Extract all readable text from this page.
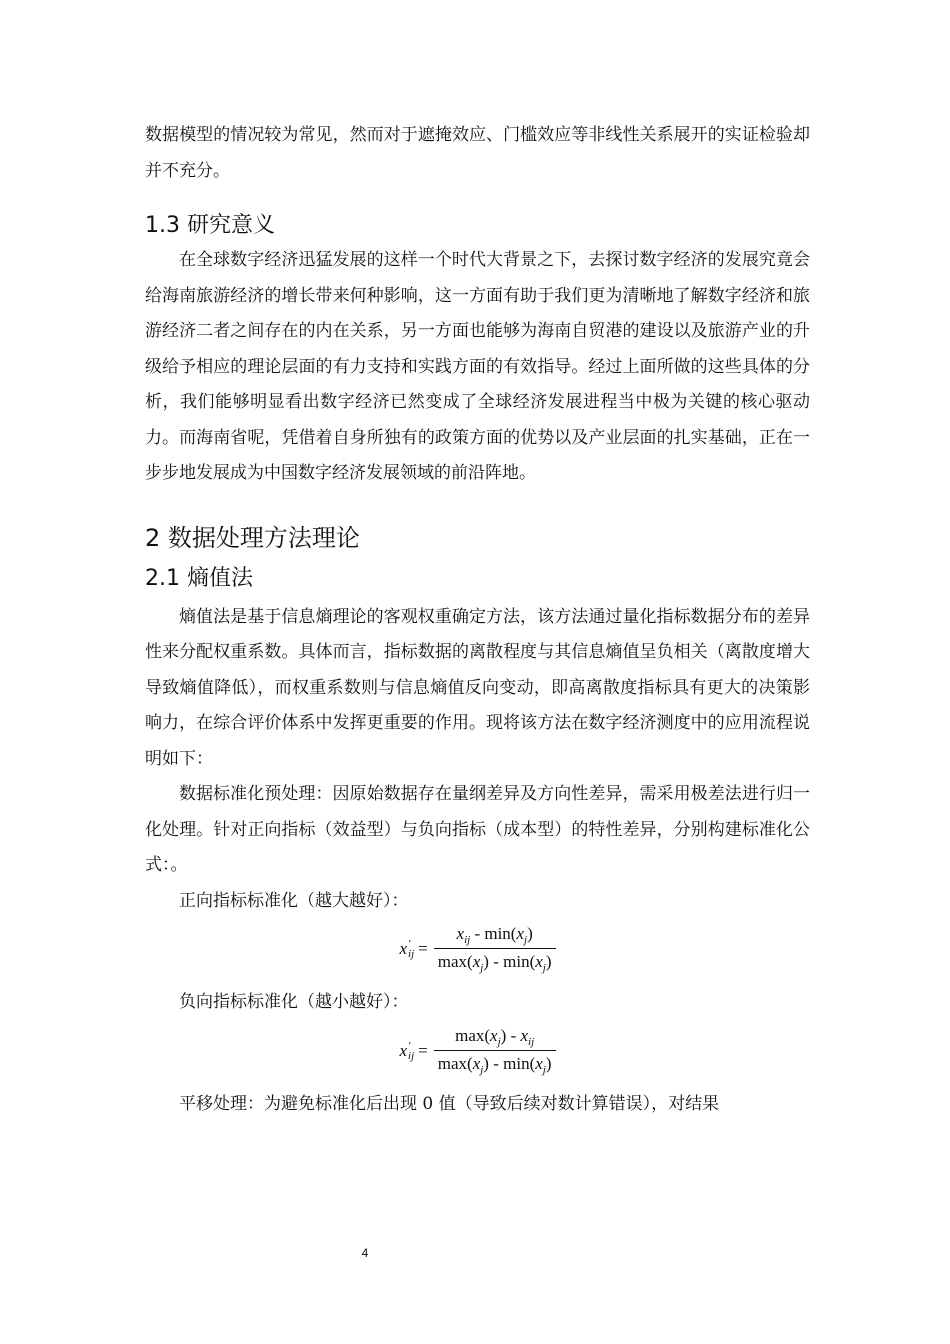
数据模型的情况较为常见，然而对于遮掩效应、门槛效应等非线性关系展开的实证检验却并不充分。

1.3 研究意义

在全球数字经济迅猛发展的这样一个时代大背景之下，去探讨数字经济的发展究竟会给海南旅游经济的增长带来何种影响，这一方面有助于我们更为清晰地了解数字经济和旅游经济二者之间存在的内在关系，另一方面也能够为海南自贸港的建设以及旅游产业的升级给予相应的理论层面的有力支持和实践方面的有效指导。经过上面所做的这些具体的分析，我们能够明显看出数字经济已然变成了全球经济发展进程当中极为关键的核心驱动力。而海南省呢，凭借着自身所独有的政策方面的优势以及产业层面的扎实基础，正在一步步地发展成为中国数字经济发展领域的前沿阵地。

2 数据处理方法理论
2.1 熵值法

熵值法是基于信息熵理论的客观权重确定方法，该方法通过量化指标数据分布的差异性来分配权重系数。具体而言，指标数据的离散程度与其信息熵值呈负相关（离散度增大导致熵值降低），而权重系数则与信息熵值反向变动，即高离散度指标具有更大的决策影响力，在综合评价体系中发挥更重要的作用。现将该方法在数字经济测度中的应用流程说明如下：

数据标准化预处理：因原始数据存在量纲差异及方向性差异，需采用极差法进行归一化处理。针对正向指标（效益型）与负向指标（成本型）的特性差异，分别构建标准化公式：。

正向指标标准化（越大越好）：

x '
ij = $\frac{x_{ij} - \min(x_j)}{\max(x_j) - \min(x_j)}$

负向指标标准化（越小越好）：

x '
ij = $\frac{\max(x_j) - x_{ij}}{\max(x_j) - \min(x_j)}$

平移处理：为避免标准化后出现 0 值（导致后续对数计算错误），对结果

4
